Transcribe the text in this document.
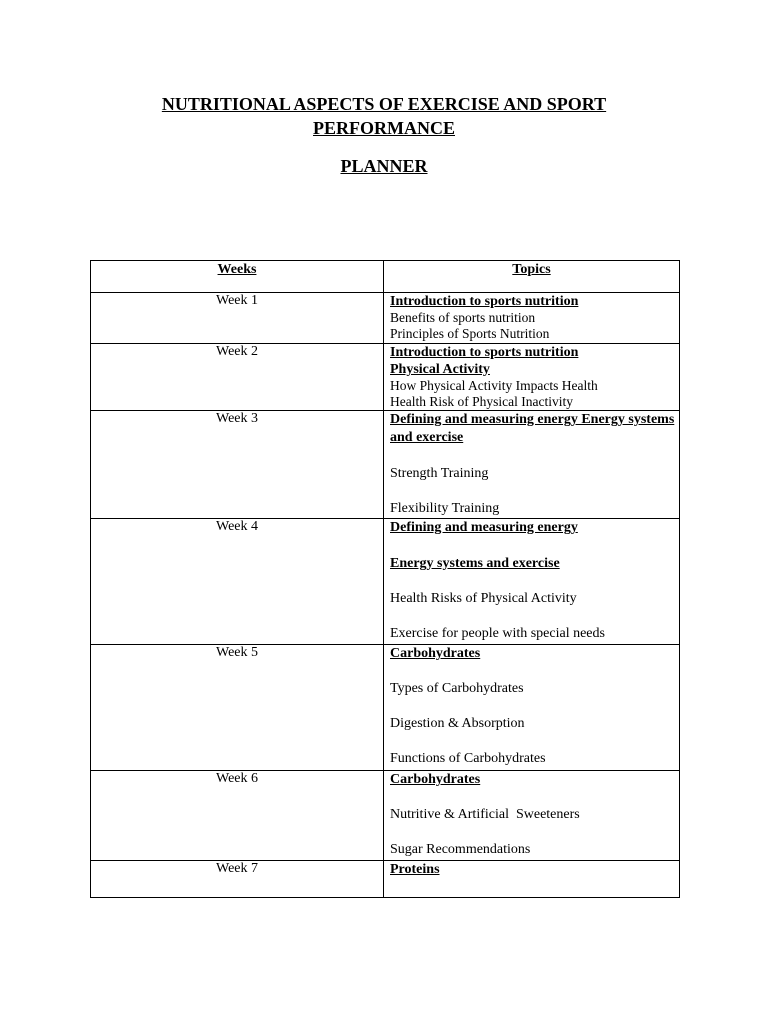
NUTRITIONAL ASPECTS OF EXERCISE AND SPORT
PERFORMANCE
PLANNER
Weeks	Topics
Week 1	Introduction to sports nutrition
Benefits of sports nutrition
Principles of Sports Nutrition

Week 2	Introduction to sports nutrition
Physical Activity
How Physical Activity Impacts Health
Health Risk of Physical Inactivity

Week 3	Defining and measuring energy Energy systems and exercise
Strength Training
Flexibility Training

Week 4	Defining and measuring energy
Energy systems and exercise
Health Risks of Physical Activity
Exercise for people with special needs

Week 5	Carbohydrates
Types of Carbohydrates
Digestion & Absorption
Functions of Carbohydrates

Week 6	Carbohydrates
Nutritive & Artificial  Sweeteners
Sugar Recommendations

Week 7	Proteins
